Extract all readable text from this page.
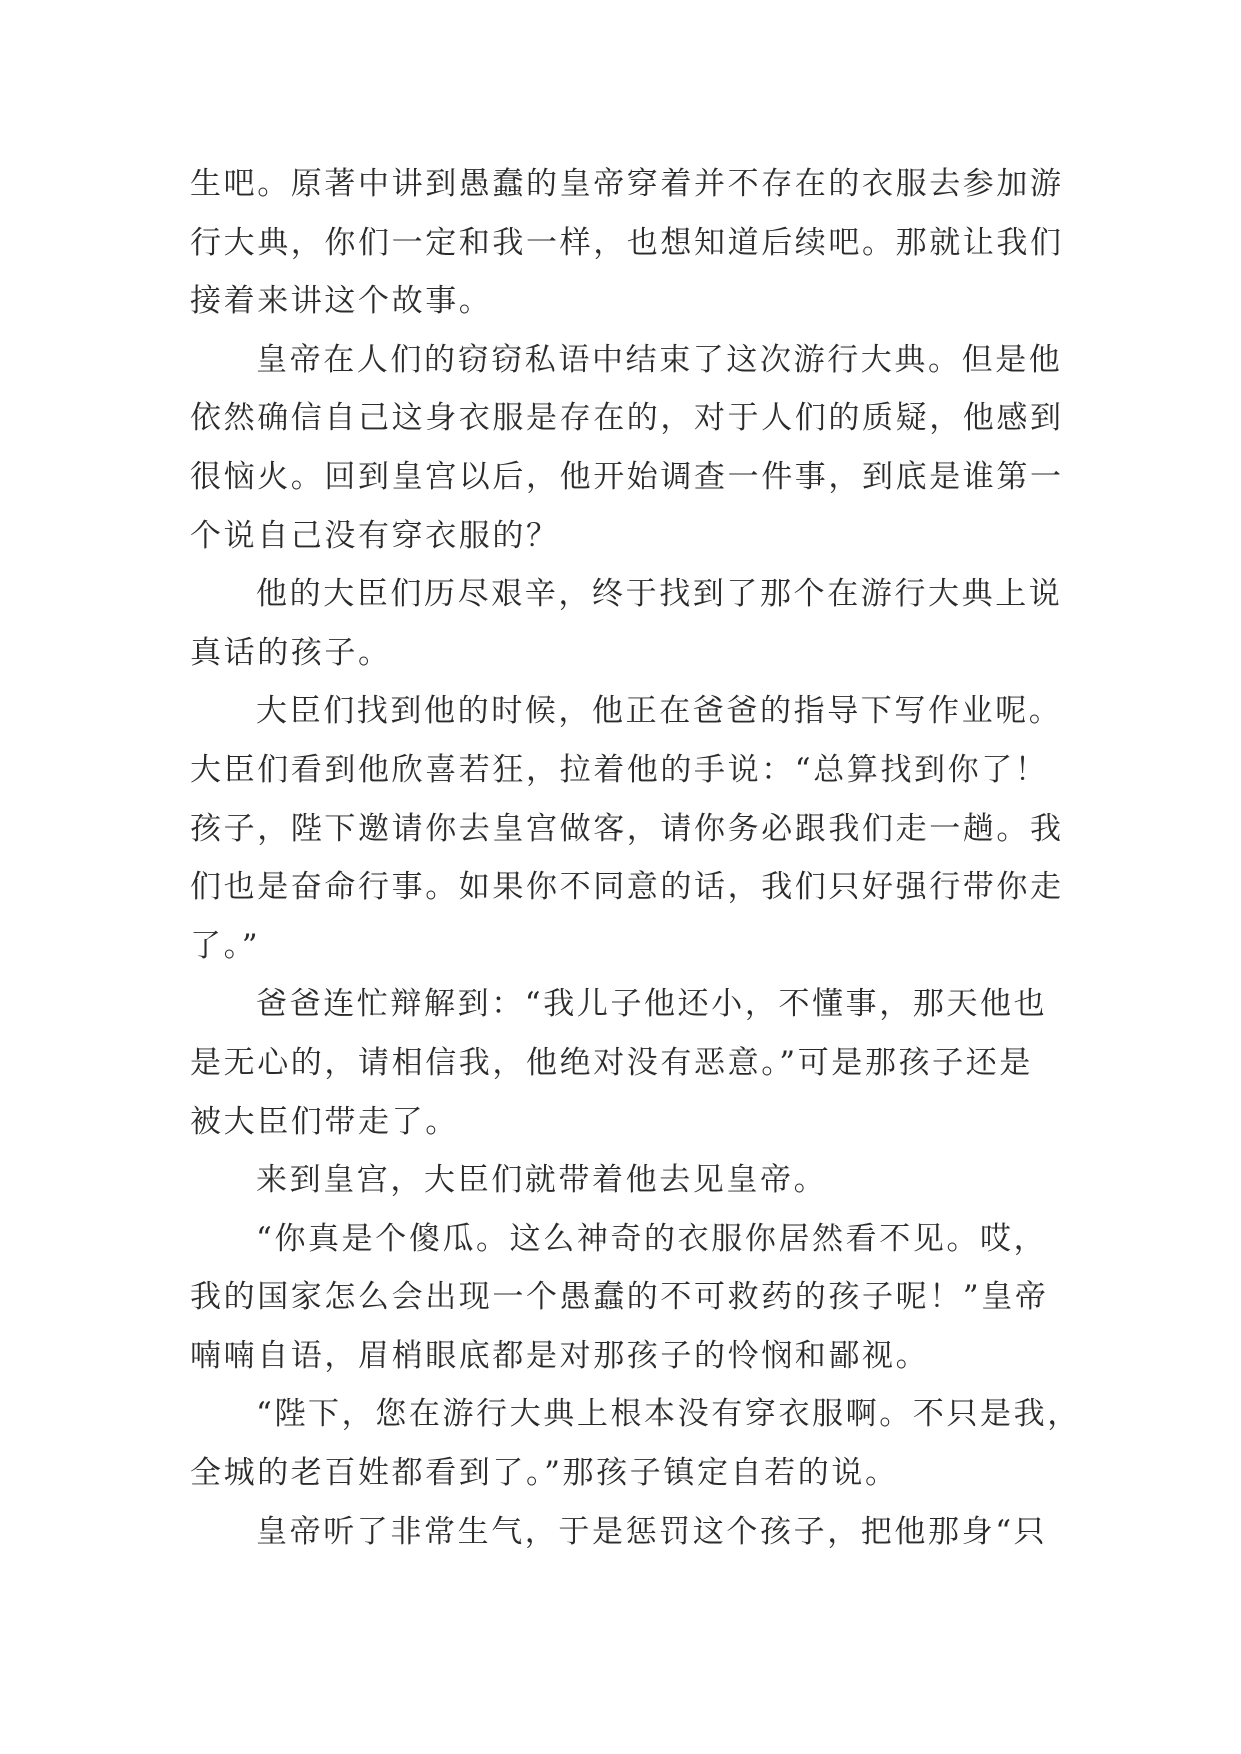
生吧。原著中讲到愚蠢的皇帝穿着并不存在的衣服去参加游
行大典，你们一定和我一样，也想知道后续吧。那就让我们
接着来讲这个故事。
皇帝在人们的窃窃私语中结束了这次游行大典。但是他
依然确信自己这身衣服是存在的，对于人们的质疑，他感到
很恼火。回到皇宫以后，他开始调查一件事，到底是谁第一
个说自己没有穿衣服的？
他的大臣们历尽艰辛，终于找到了那个在游行大典上说
真话的孩子。
大臣们找到他的时候，他正在爸爸的指导下写作业呢。
大臣们看到他欣喜若狂，拉着他的手说：“总算找到你了！
孩子，陛下邀请你去皇宫做客，请你务必跟我们走一趟。我
们也是奋命行事。如果你不同意的话，我们只好强行带你走
了。”
爸爸连忙辩解到：“我儿子他还小，不懂事，那天他也
是无心的，请相信我，他绝对没有恶意。”可是那孩子还是
被大臣们带走了。
来到皇宫，大臣们就带着他去见皇帝。
“你真是个傻瓜。这么神奇的衣服你居然看不见。哎，
我的国家怎么会出现一个愚蠢的不可救药的孩子呢！”皇帝
喃喃自语，眉梢眼底都是对那孩子的怜悯和鄙视。
“陛下，您在游行大典上根本没有穿衣服啊。不只是我，
全城的老百姓都看到了。”那孩子镇定自若的说。
皇帝听了非常生气，于是惩罚这个孩子，把他那身“只
